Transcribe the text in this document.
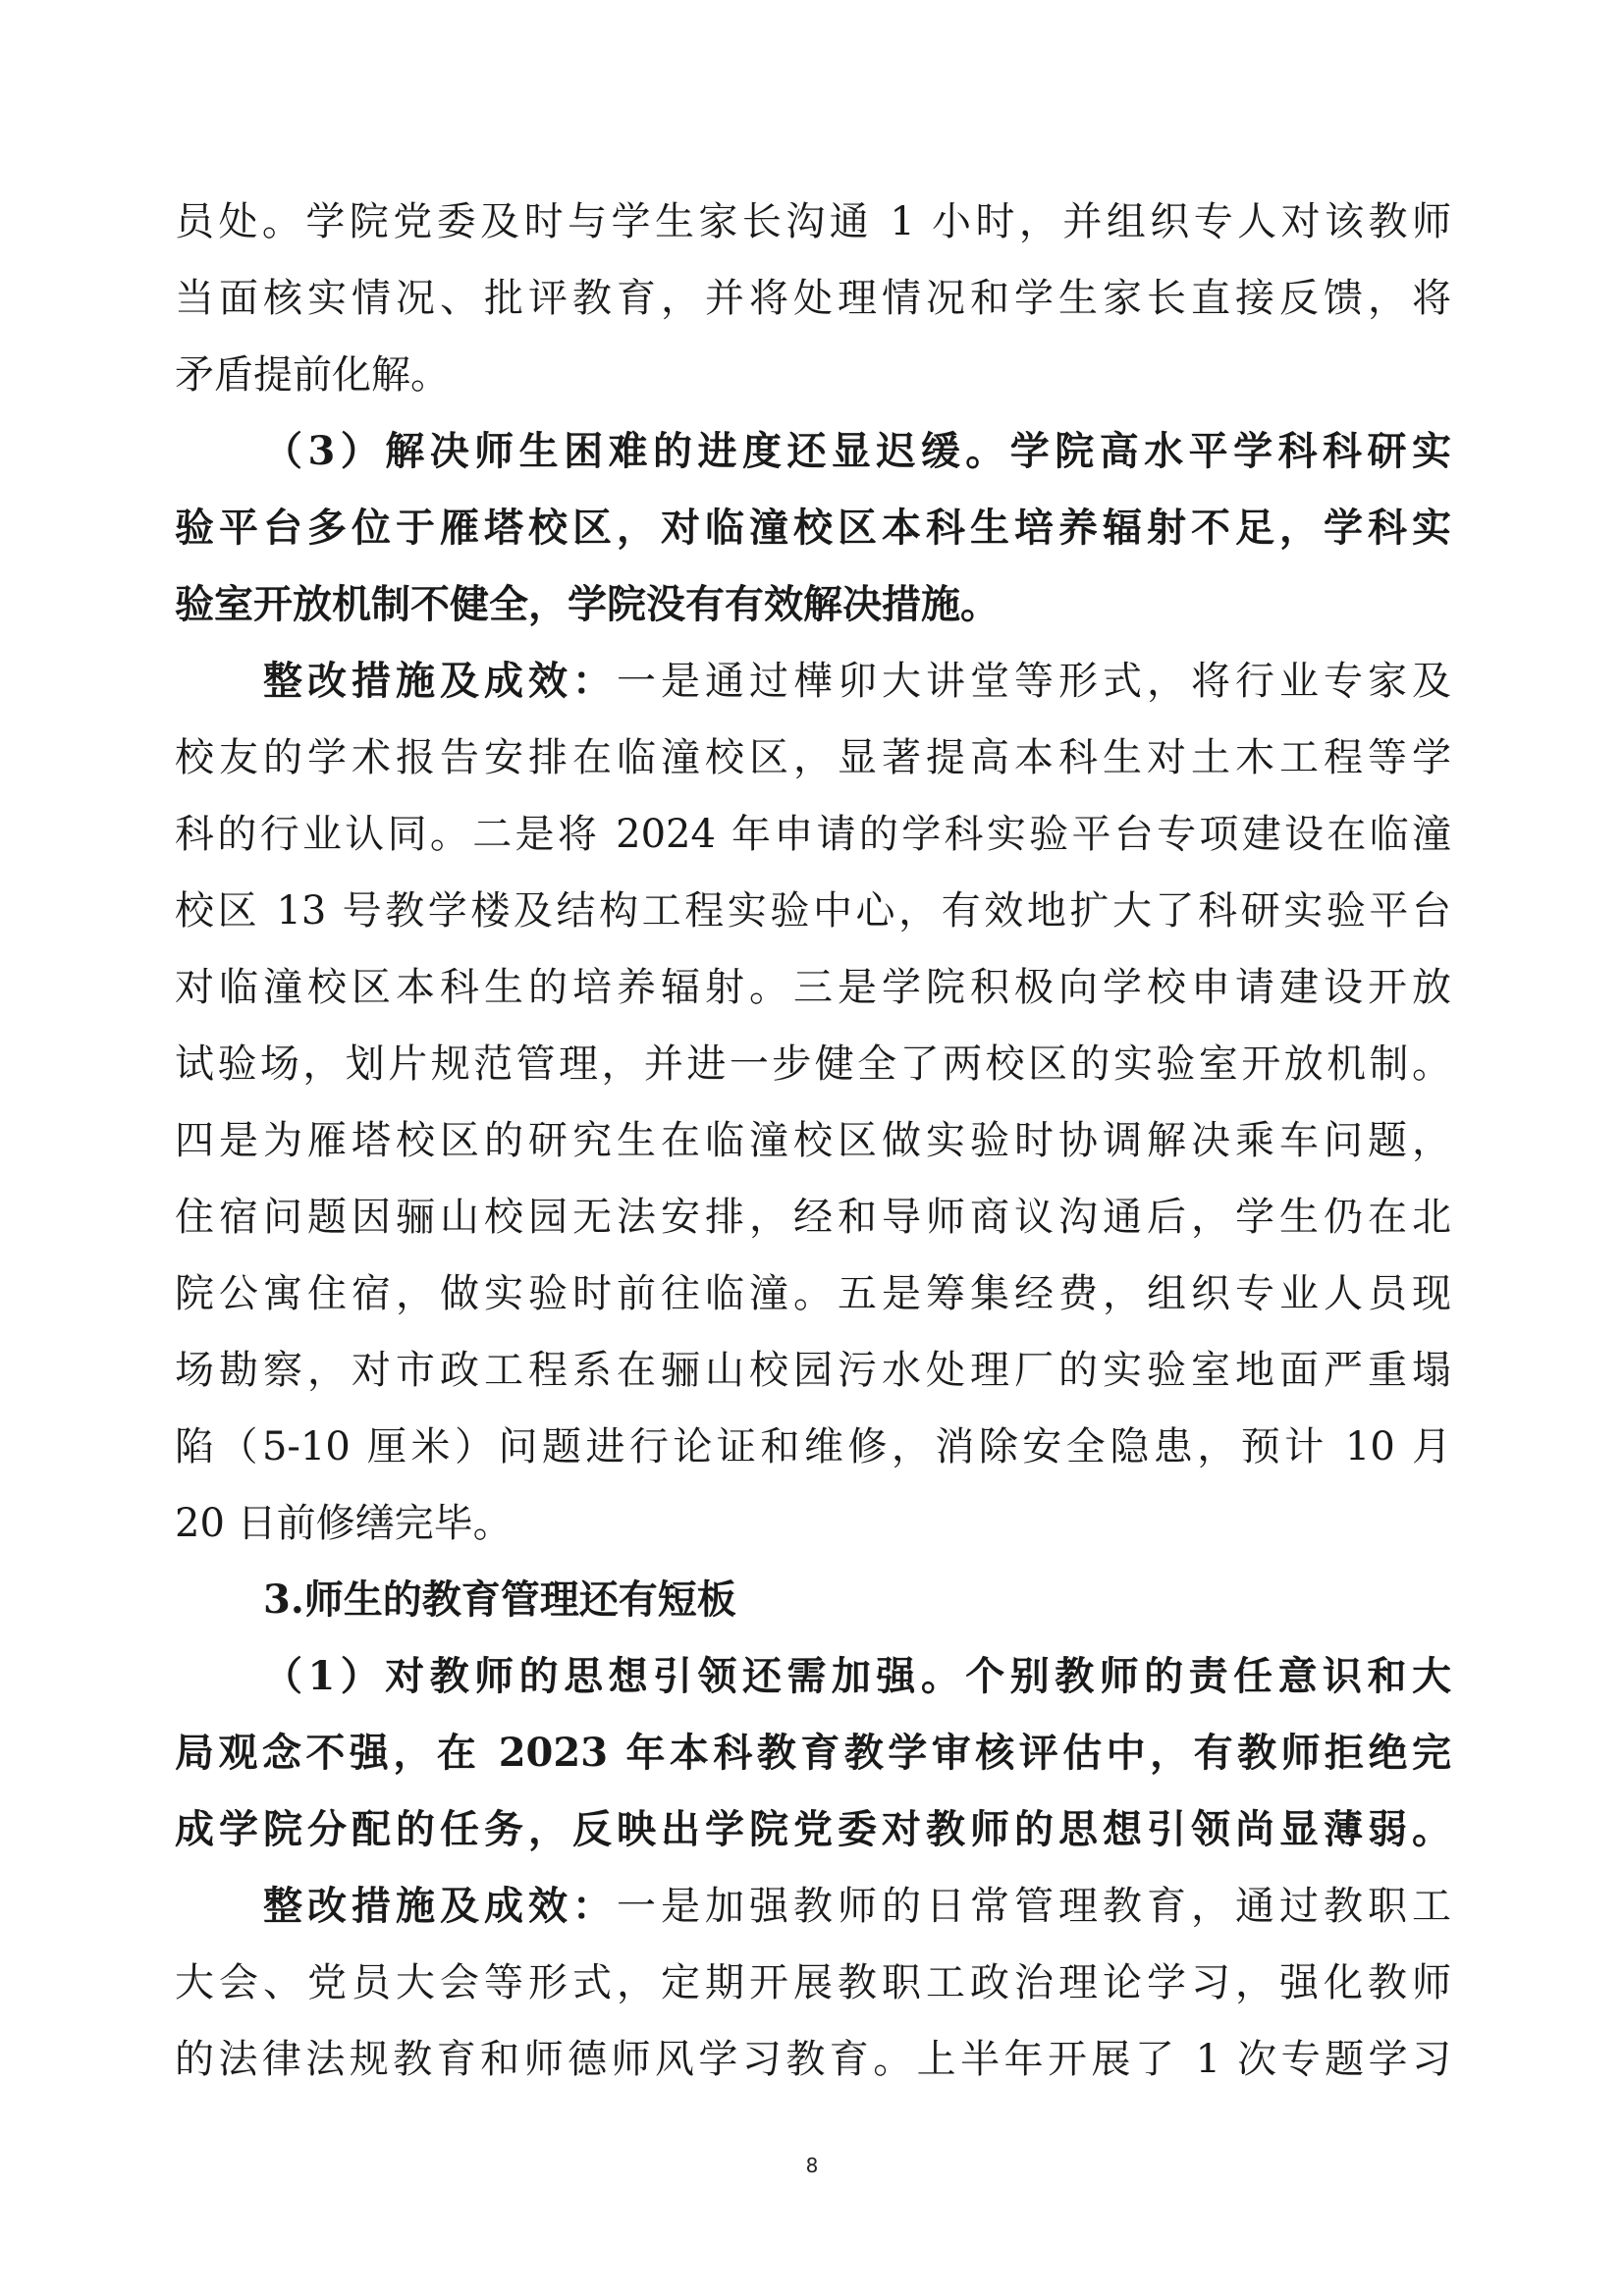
员处。学院党委及时与学生家长沟通 1 小时，并组织专人对该教师
当面核实情况、批评教育，并将处理情况和学生家长直接反馈，将
矛盾提前化解。
（3）解决师生困难的进度还显迟缓。学院高水平学科科研实
验平台多位于雁塔校区，对临潼校区本科生培养辐射不足，学科实
验室开放机制不健全，学院没有有效解决措施。
整改措施及成效：一是通过樺卯大讲堂等形式，将行业专家及
校友的学术报告安排在临潼校区，显著提高本科生对土木工程等学
科的行业认同。二是将 2024 年申请的学科实验平台专项建设在临潼
校区 13 号教学楼及结构工程实验中心，有效地扩大了科研实验平台
对临潼校区本科生的培养辐射。三是学院积极向学校申请建设开放
试验场，划片规范管理，并进一步健全了两校区的实验室开放机制。
四是为雁塔校区的研究生在临潼校区做实验时协调解决乘车问题，
住宿问题因骊山校园无法安排，经和导师商议沟通后，学生仍在北
院公寓住宿，做实验时前往临潼。五是筹集经费，组织专业人员现
场勘察，对市政工程系在骊山校园污水处理厂的实验室地面严重塌
陷（5-10 厘米）问题进行论证和维修，消除安全隐患，预计 10 月
20 日前修缮完毕。
3.师生的教育管理还有短板
（1）对教师的思想引领还需加强。个别教师的责任意识和大
局观念不强，在 2023 年本科教育教学审核评估中，有教师拒绝完
成学院分配的任务，反映出学院党委对教师的思想引领尚显薄弱。
整改措施及成效：一是加强教师的日常管理教育，通过教职工
大会、党员大会等形式，定期开展教职工政治理论学习，强化教师
的法律法规教育和师德师风学习教育。上半年开展了 1 次专题学习
8
